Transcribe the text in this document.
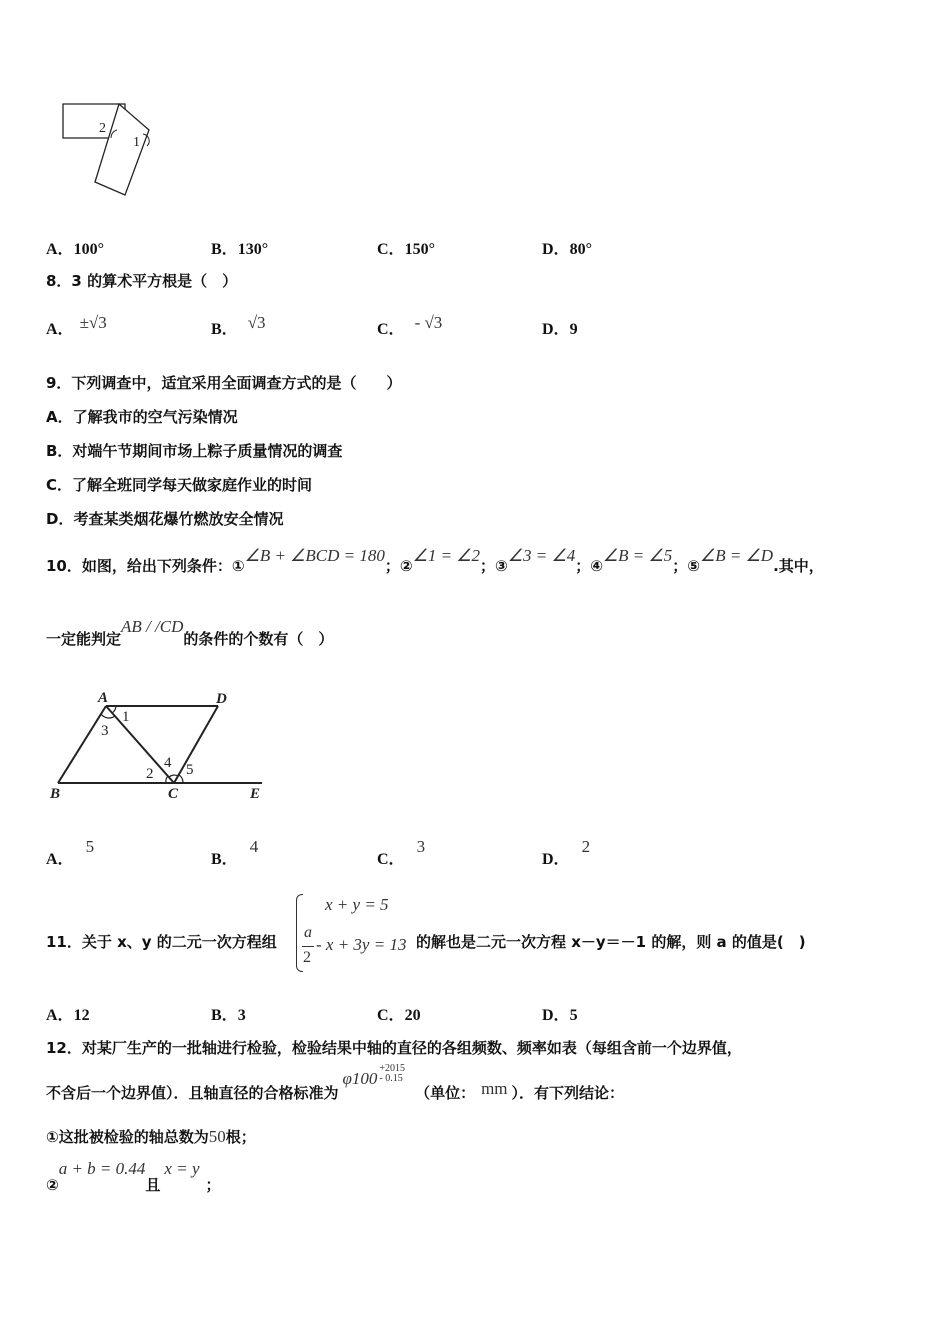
2
1
A．100°	B．130°	C．150°	D．80°
8．3 的算术平方根是（　）
A． ±√3	B． √3	C． - √3	D．9
9．下列调查中，适宜采用全面调查方式的是（　　）
A．了解我市的空气污染情况
B．对端午节期间市场上粽子质量情况的调查
C．了解全班同学每天做家庭作业的时间
D．考查某类烟花爆竹燃放安全情况
10．如图，给出下列条件：①∠B + ∠BCD = 180；②∠1 = ∠2；③∠3 = ∠4；④∠B = ∠5；⑤∠B = ∠D.其中，
一定能判定AB / /CD的条件的个数有（　）
A	D
1
3
4
2 5
B	C	E
A．5
B．4
C．3
D．2
11．关于 x、y 的二元一次方程组
x + y = 5
a
2
- x + 3y = 13 的解也是二元一次方程 x－y＝－1 的解，则 a 的值是(　)
A．12	B．3	C．20	D．5
12．对某厂生产的一批轴进行检验，检验结果中轴的直径的各组频数、频率如表（每组含前一个边界值，
不含后一个边界值）．且轴直径的合格标准为φ100
+2015
- 0.15
（单位： mm ）．有下列结论：
①这批被检验的轴总数为50根；
②a + b = 0.44且x = y；
